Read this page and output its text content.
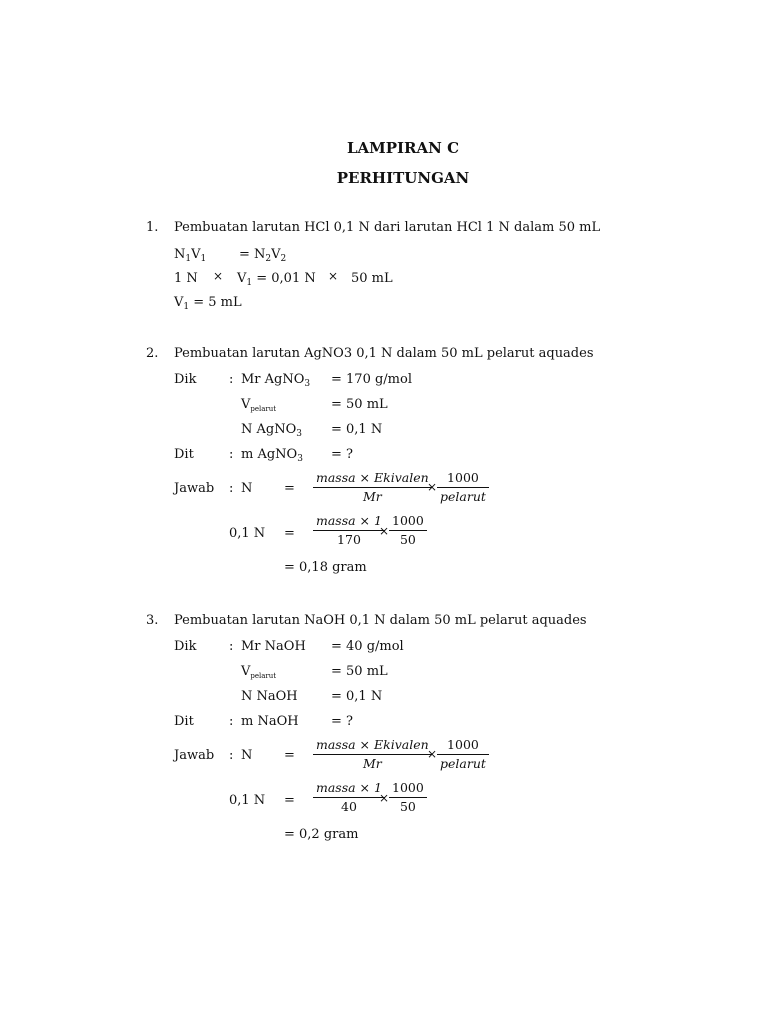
LAMPIRAN C
PERHITUNGAN
1. Pembuatan larutan HCl 0,1 N dari larutan HCl 1 N dalam 50 mL
$N_1V_1$	= $N_2V_2$
1 $N \times V_1 = 0,01$ N × 50 mL
$V_1 = 5$ mL
2. Pembuatan larutan AgNO3 0,1 N dalam 50 mL pelarut aquades
Dik	: Mr AgNO$_3$ = 170 g/mol
$V_{pelarut}$	= 50 mL
N AgNO$_3$ = 0,1 N
Dit	: m AgNO$_3$ = ?
Jawab : N =
massa × Ekivalen
Mr
×
1000
pelarut
0,1 N =
massa × 1
170
×
1000
50
= 0,18 gram
3. Pembuatan larutan NaOH 0,1 N dalam 50 mL pelarut aquades
Dik	: Mr NaOH = 40 g/mol
$V_{pelarut}$	= 50 mL
N NaOH	= 0,1 N
Dit	: m NaOH = ?
Jawab : N =
massa × Ekivalen
Mr
×
1000
pelarut
0,1 N =
massa × 1
40
×
1000
50
= 0,2 gram
